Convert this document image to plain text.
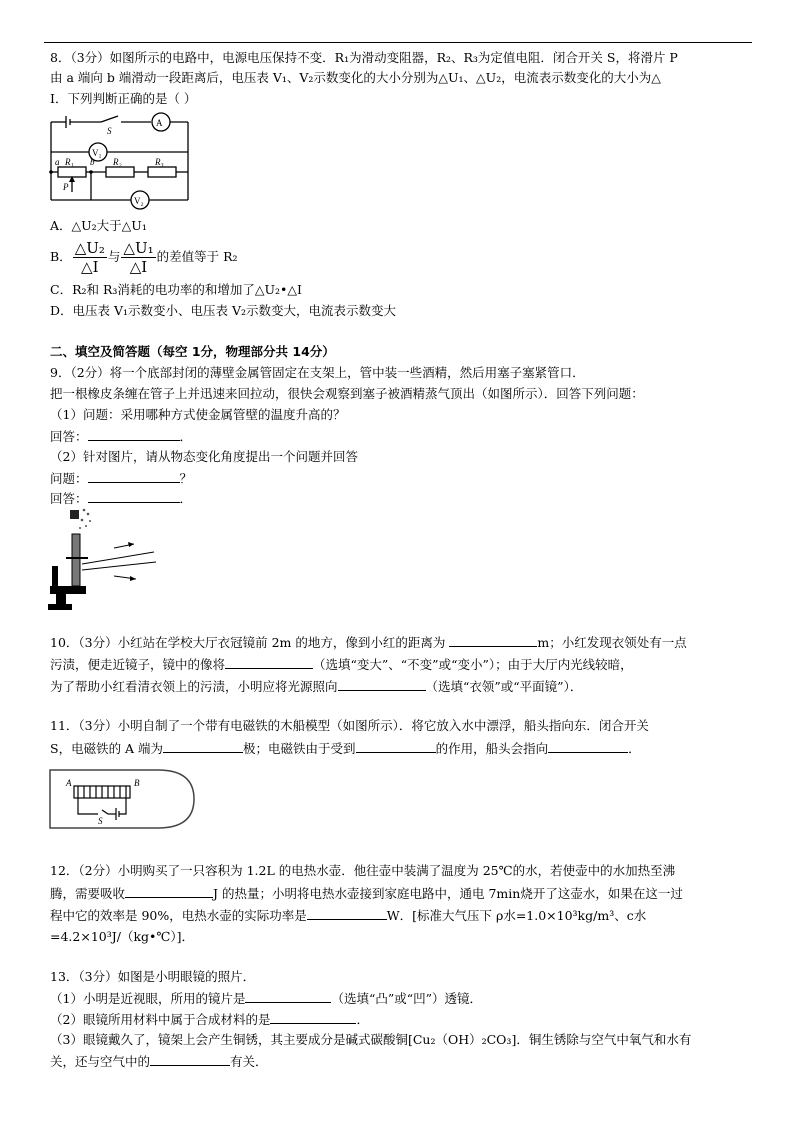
8．（3分）如图所示的电路中，电源电压保持不变．R₁为滑动变阻器，R₂、R₃为定值电阻．闭合开关 S，将滑片 P
由 a 端向 b 端滑动一段距离后，电压表 V₁、V₂示数变化的大小分别为△U₁、△U₂，电流表示数变化的大小为△
I．下列判断正确的是（ ）
A
S
V₁
V₂
R₁	R₂	R₃
a	b
P
A．△U₂大于△U₁
B． $\frac{\text{△U₂}}{\triangle I}$ 与 $\frac{\text{△U₁}}{\triangle I}$ 的差值等于 R₂
C．R₂和 R₃消耗的电功率的和增加了△U₂•△I
D．电压表 V₁示数变小、电压表 V₂示数变大，电流表示数变大
二、填空及简答题（每空 1分，物理部分共 14分）
9．（2分）将一个底部封闭的薄壁金属管固定在支架上，管中装一些酒精，然后用塞子塞紧管口．
把一根橡皮条缠在管子上并迅速来回拉动，很快会观察到塞子被酒精蒸气顶出（如图所示）．回答下列问题：
（1）问题：采用哪种方式使金属管壁的温度升高的？
回答：	．
（2）针对图片，请从物态变化角度提出一个问题并回答
问题：	？
回答：	．
10．（3分）小红站在学校大厅衣冠镜前 2m 的地方，像到小红的距离为	m；小红发现衣领处有一点
污渍，便走近镜子，镜中的像将	（选填“变大”、“不变”或“变小”）；由于大厅内光线较暗，
为了帮助小红看清衣领上的污渍，小明应将光源照向	（选填“衣领”或“平面镜”）．
11．（3分）小明自制了一个带有电磁铁的木船模型（如图所示）．将它放入水中漂浮，船头指向东．闭合开关
S，电磁铁的 A 端为	极；电磁铁由于受到	的作用，船头会指向	．
A	B
S
12．（2分）小明购买了一只容积为 1.2L 的电热水壶．他往壶中装满了温度为 25℃的水，若使壶中的水加热至沸
腾，需要吸收	J 的热量；小明将电热水壶接到家庭电路中，通电 7min烧开了这壶水，如果在这一过
程中它的效率是 90%，电热水壶的实际功率是	W．[标准大气压下 ρ水=1.0×10³kg/m³、c水
=4.2×10³J/（kg•℃）]．
13．（3分）如图是小明眼镜的照片．
（1）小明是近视眼，所用的镜片是	（选填“凸”或“凹”）透镜．
（2）眼镜所用材料中属于合成材料的是	．
（3）眼镜戴久了，镜架上会产生铜锈，其主要成分是碱式碳酸铜[Cu₂（OH）₂CO₃]．铜生锈除与空气中氧气和水有
关，还与空气中的	有关．
